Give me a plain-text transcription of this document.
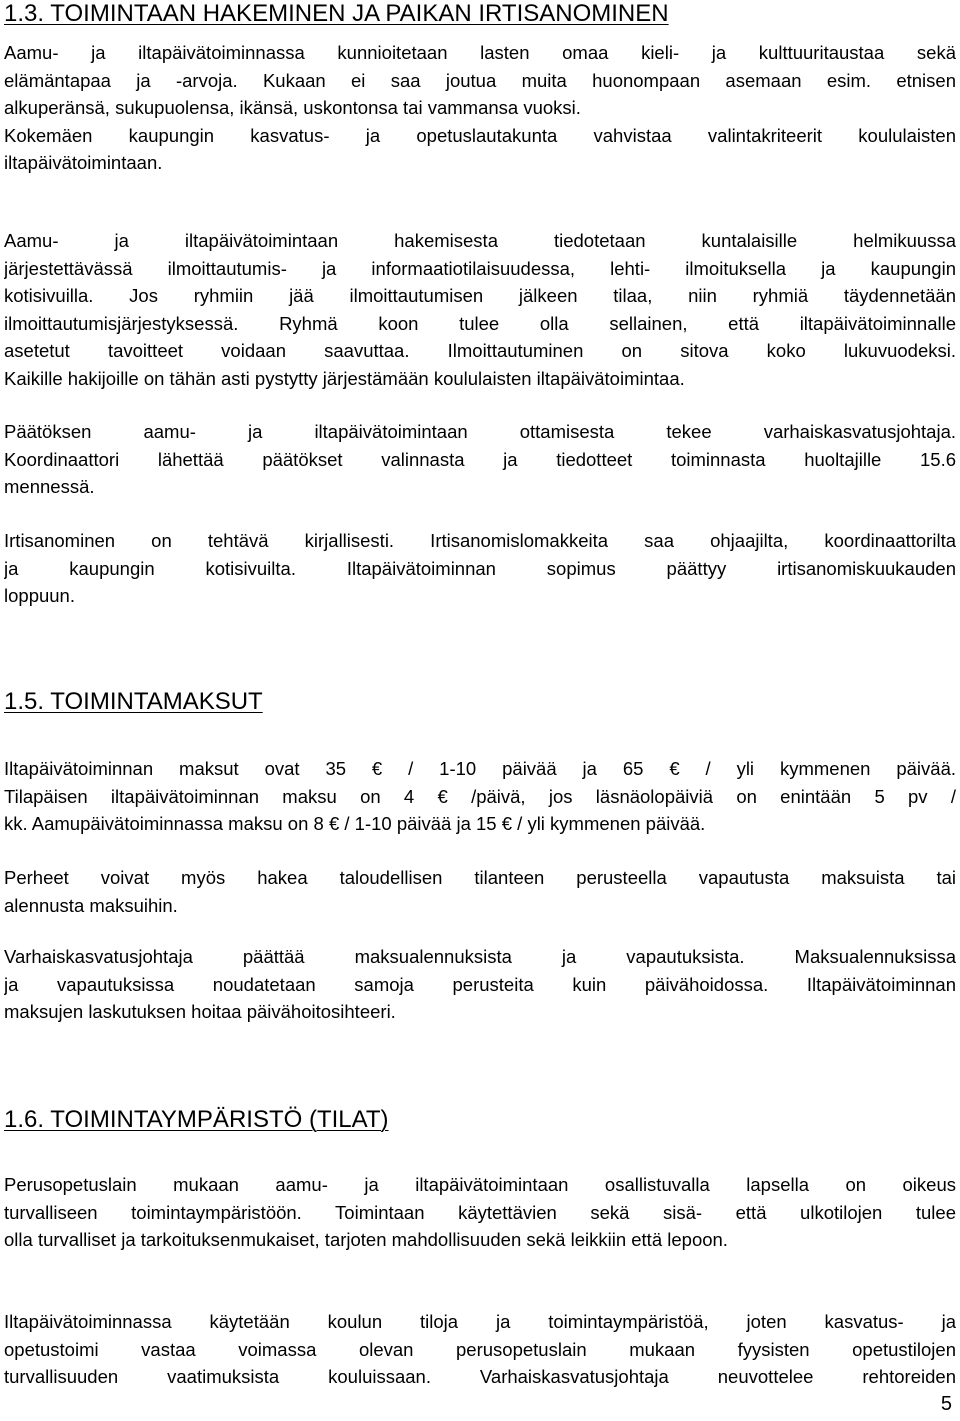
1.3. TOIMINTAAN HAKEMINEN JA PAIKAN IRTISANOMINEN
Aamu- ja iltapäivätoiminnassa kunnioitetaan lasten omaa kieli- ja kulttuuritaustaa sekä
elämäntapaa ja -arvoja. Kukaan ei saa joutua muita huonompaan asemaan esim. etnisen
alkuperänsä, sukupuolensa, ikänsä, uskontonsa tai vammansa vuoksi.
Kokemäen kaupungin kasvatus- ja opetuslautakunta vahvistaa valintakriteerit koululaisten
iltapäivätoimintaan.
Aamu- ja iltapäivätoimintaan hakemisesta tiedotetaan kuntalaisille helmikuussa
järjestettävässä ilmoittautumis- ja informaatiotilaisuudessa, lehti- ilmoituksella ja kaupungin
kotisivuilla. Jos ryhmiin jää ilmoittautumisen jälkeen tilaa, niin ryhmiä täydennetään
ilmoittautumisjärjestyksessä. Ryhmä koon tulee olla sellainen, että iltapäivätoiminnalle
asetetut tavoitteet voidaan saavuttaa. Ilmoittautuminen on sitova koko lukuvuodeksi.
Kaikille hakijoille on tähän asti pystytty järjestämään koululaisten iltapäivätoimintaa.
Päätöksen aamu- ja iltapäivätoimintaan ottamisesta tekee varhaiskasvatusjohtaja.
Koordinaattori lähettää päätökset valinnasta ja tiedotteet toiminnasta huoltajille 15.6
mennessä.
Irtisanominen on tehtävä kirjallisesti. Irtisanomislomakkeita saa ohjaajilta, koordinaattorilta
ja kaupungin kotisivuilta. Iltapäivätoiminnan sopimus päättyy irtisanomiskuukauden
loppuun.
1.5. TOIMINTAMAKSUT
Iltapäivätoiminnan maksut ovat 35 € / 1-10 päivää ja 65 € / yli kymmenen päivää.
Tilapäisen iltapäivätoiminnan maksu on 4 € /päivä, jos läsnäolopäiviä on enintään 5 pv /
kk. Aamupäivätoiminnassa maksu on 8 € / 1-10 päivää ja 15 € / yli kymmenen päivää.
Perheet voivat myös hakea taloudellisen tilanteen perusteella vapautusta maksuista tai
alennusta maksuihin.
Varhaiskasvatusjohtaja päättää maksualennuksista ja vapautuksista. Maksualennuksissa
ja vapautuksissa noudatetaan samoja perusteita kuin päivähoidossa. Iltapäivätoiminnan
maksujen laskutuksen hoitaa päivähoitosihteeri.
1.6. TOIMINTAYMPÄRISTÖ (TILAT)
Perusopetuslain mukaan aamu- ja iltapäivätoimintaan osallistuvalla lapsella on oikeus
turvalliseen toimintaympäristöön. Toimintaan käytettävien sekä sisä- että ulkotilojen tulee
olla turvalliset ja tarkoituksenmukaiset, tarjoten mahdollisuuden sekä leikkiin että lepoon.
Iltapäivätoiminnassa käytetään koulun tiloja ja toimintaympäristöä, joten kasvatus- ja
opetustoimi vastaa voimassa olevan perusopetuslain mukaan fyysisten opetustilojen
turvallisuuden vaatimuksista kouluissaan. Varhaiskasvatusjohtaja neuvottelee rehtoreiden

5
